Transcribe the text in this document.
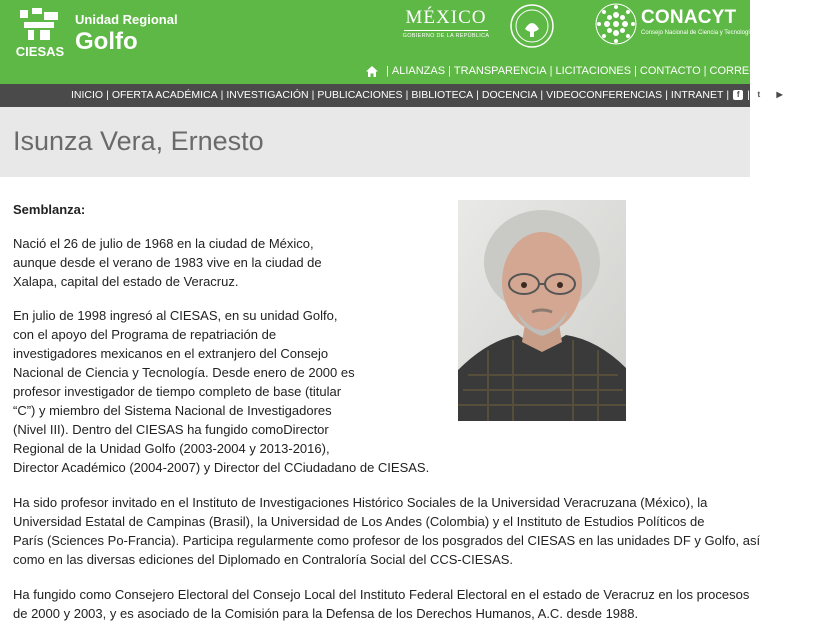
CIESAS
Unidad Regional
Golfo
MÉXICO
GOBIERNO DE LA REPÚBLICA
CONACYT
Consejo Nacional de Ciencia y Tecnología
| ALIANZAS | TRANSPARENCIA | LICITACIONES | CONTACTO | CORREO INTERNO
INICIO | OFERTA ACADÉMICA | INVESTIGACIÓN | PUBLICACIONES | BIBLIOTECA | DOCENCIA | VIDEOCONFERENCIAS | INTRANET | f | t | ▶ | BLOG
Isunza Vera, Ernesto
Semblanza:
Nació el 26 de julio de 1968 en la ciudad de México,
aunque desde el verano de 1983 vive en la ciudad de
Xalapa, capital del estado de Veracruz.
En julio de 1998 ingresó al CIESAS, en su unidad Golfo,
con el apoyo del Programa de repatriación de
investigadores mexicanos en el extranjero del Consejo
Nacional de Ciencia y Tecnología. Desde enero de 2000 es
profesor investigador de tiempo completo de base (titular
“C”) y miembro del Sistema Nacional de Investigadores
(Nivel III). Dentro del CIESAS ha fungido comoDirector
Regional de la Unidad Golfo (2003-2004 y 2013-2016),
Director Académico (2004-2007) y Director del CCiudadano de CIESAS.
Ha sido profesor invitado en el Instituto de Investigaciones Histórico Sociales de la Universidad Veracruzana (México), la
Universidad Estatal de Campinas (Brasil), la Universidad de Los Andes (Colombia) y el Instituto de Estudios Políticos de
París (Sciences Po-Francia). Participa regularmente como profesor de los posgrados del CIESAS en las unidades DF y Golfo, así
como en las diversas ediciones del Diplomado en Contraloría Social del CCS-CIESAS.
Ha fungido como Consejero Electoral del Consejo Local del Instituto Federal Electoral en el estado de Veracruz en los procesos
de 2000 y 2003, y es asociado de la Comisión para la Defensa de los Derechos Humanos, A.C. desde 1988.
